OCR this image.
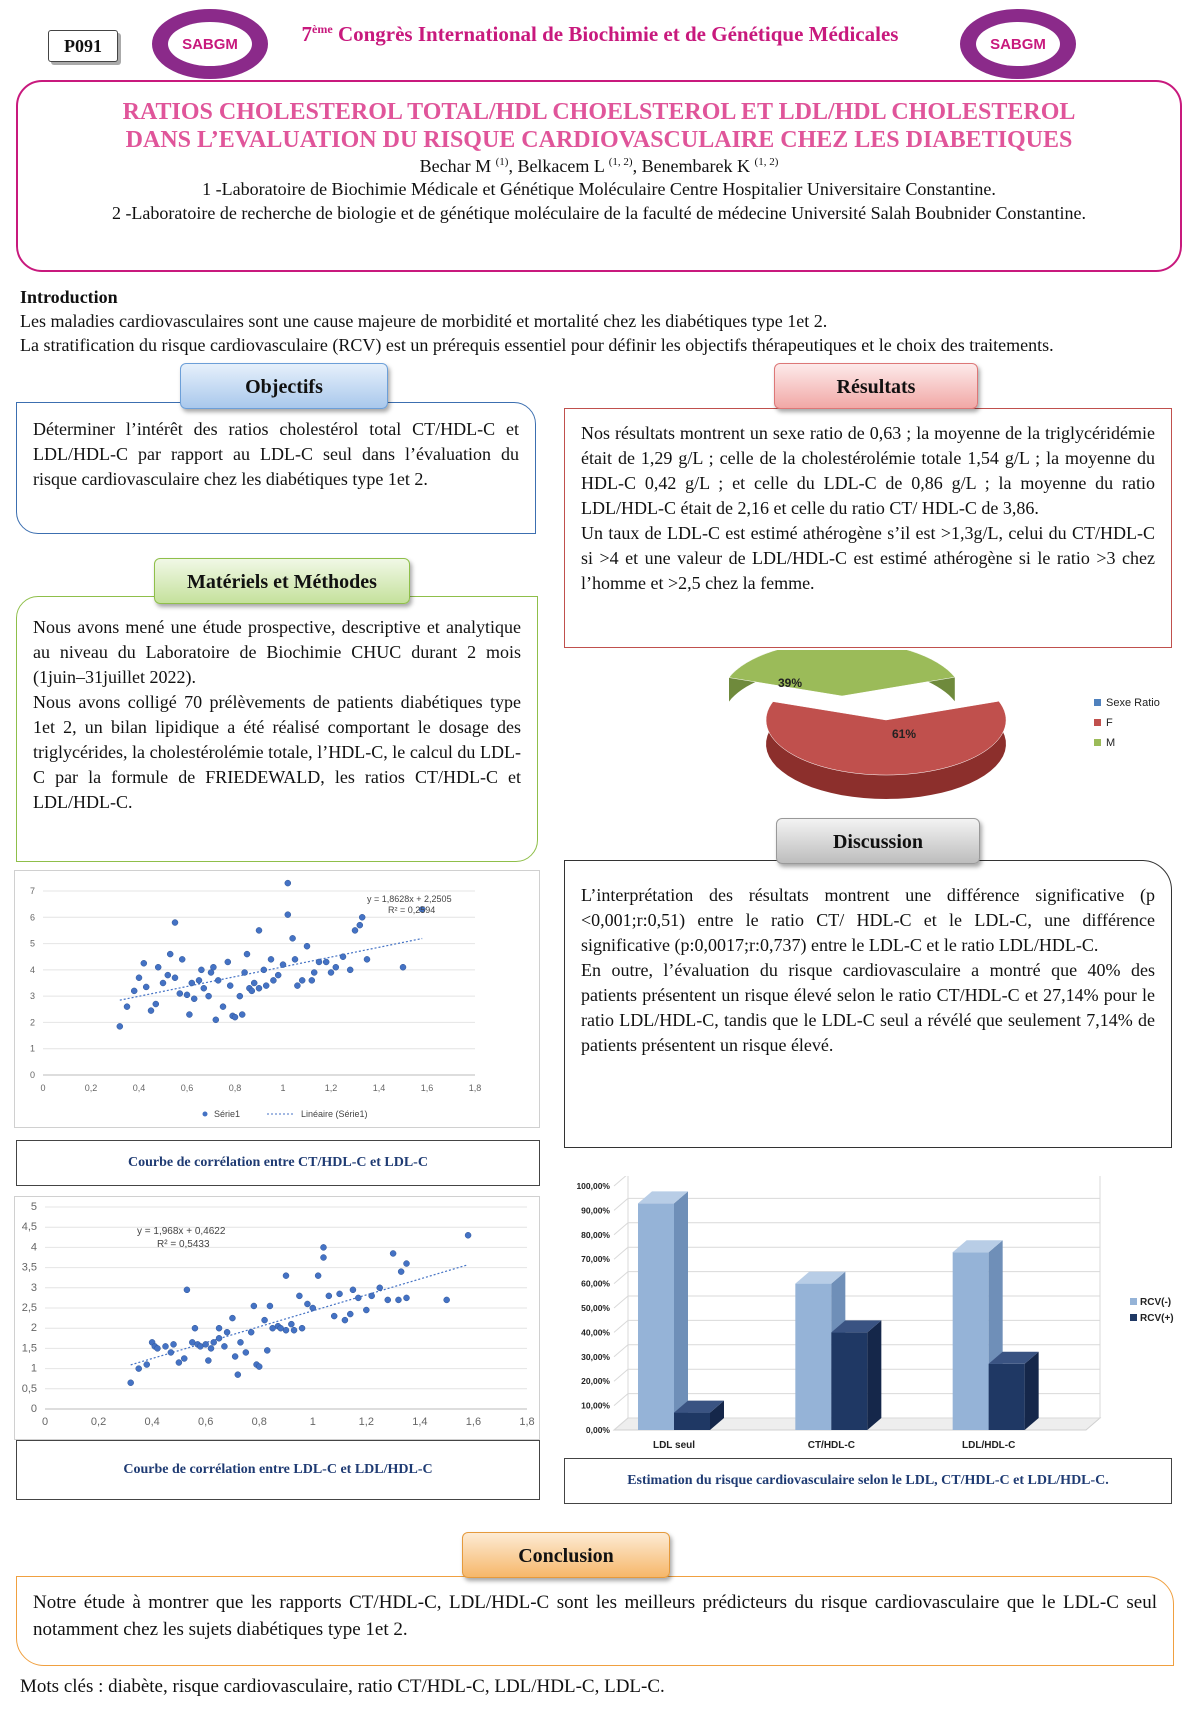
P091	7ème Congrès International de Biochimie et de Génétique Médicales
SABGM	SABGM
RATIOS CHOLESTEROL TOTAL/HDL CHOELSTEROL ET LDL/HDL CHOLESTEROL
DANS L’EVALUATION DU RISQUE CARDIOVASCULAIRE CHEZ LES DIABETIQUES
Bechar M $^{(1)}$, Belkacem L $^{(1, 2)}$, Benembarek K $^{(1, 2)}$
1 -Laboratoire de Biochimie Médicale et Génétique Moléculaire Centre Hospitalier Universitaire Constantine.
2 -Laboratoire de recherche de biologie et de génétique moléculaire de la faculté de médecine Université Salah Boubnider Constantine.
Introduction
Les maladies cardiovasculaires sont une cause majeure de morbidité et mortalité chez les diabétiques type 1et 2.
La stratification du risque cardiovasculaire (RCV) est un prérequis essentiel pour définir les objectifs thérapeutiques et le choix des traitements.
Déterminer l’intérêt des ratios cholestérol total CT/HDL-C et LDL/HDL-C par rapport au LDL-C seul dans l’évaluation du risque cardiovasculaire chez les diabétiques type 1et 2.
Objectifs
Nous avons mené une étude prospective, descriptive et analytique au niveau du Laboratoire de Biochimie CHUC durant 2 mois (1juin–31juillet 2022).
Nous avons colligé 70 prélèvements de patients diabétiques type 1et 2, un bilan lipidique a été réalisé comportant le dosage des triglycérides, la cholestérolémie totale, l’HDL-C, le calcul du LDL-C par la formule de FRIEDEWALD, les ratios CT/HDL-C et LDL/HDL-C.
Matériels et Méthodes
Nos résultats montrent un sexe ratio de 0,63 ; la moyenne de la triglycéridémie était de 1,29 g/L ; celle de la cholestérolémie totale 1,54 g/L ; la moyenne du HDL-C 0,42 g/L ; et celle du LDL-C de 0,86 g/L ; la moyenne du ratio LDL/HDL-C était de 2,16 et celle du ratio CT/ HDL-C de 3,86.
Un taux de LDL-C est estimé athérogène s’il est >1,3g/L, celui du CT/HDL-C si >4 et une valeur de LDL/HDL-C est estimé athérogène si le ratio >3 chez l’homme et >2,5 chez la femme.
Résultats
Sexe Ratio
F
M
61%
39%
L’interprétation des résultats montrent une différence significative (p <0,001;r:0,51) entre le ratio CT/ HDL-C et le LDL-C, une différence significative (p:0,0017;r:0,737) entre le LDL-C et le ratio LDL/HDL-C.
En outre, l’évaluation du risque cardiovasculaire a montré que 40% des patients présentent un risque élevé selon le ratio CT/HDL-C et 27,14% pour le ratio LDL/HDL-C, tandis que le LDL-C seul a révélé que seulement 7,14% de patients présentent un risque élevé.
Discussion
0
1
2
3
4
5
6
7
0	0,2	0,4	0,6	0,8	1	1,2	1,4	1,6	1,8
y = 1,8628x + 2,2505
R² = 0,2594
Série1	Linéaire (Série1)
Courbe de corrélation entre CT/HDL-C et LDL-C
0
0,5
1
1,5
2
2,5
3
3,5
4
4,5
5
0	0,2	0,4	0,6	0,8	1	1,2	1,4	1,6	1,8
y = 1,968x + 0,4622
R² = 0,5433
Courbe de corrélation entre LDL-C et LDL/HDL-C
0,00%
10,00%
20,00%
30,00%
40,00%
50,00%
60,00%
70,00%
80,00%
90,00%
100,00%
LDL seul	CT/HDL-C	LDL/HDL-C
RCV(-)
RCV(+)
Estimation du risque cardiovasculaire selon le LDL, CT/HDL-C et LDL/HDL-C.
Notre étude à montrer que les rapports CT/HDL-C, LDL/HDL-C sont les meilleurs prédicteurs du risque cardiovasculaire que le LDL-C seul notamment chez les sujets diabétiques type 1et 2.
Conclusion
Mots clés : diabète, risque cardiovasculaire, ratio CT/HDL-C, LDL/HDL-C, LDL-C.
